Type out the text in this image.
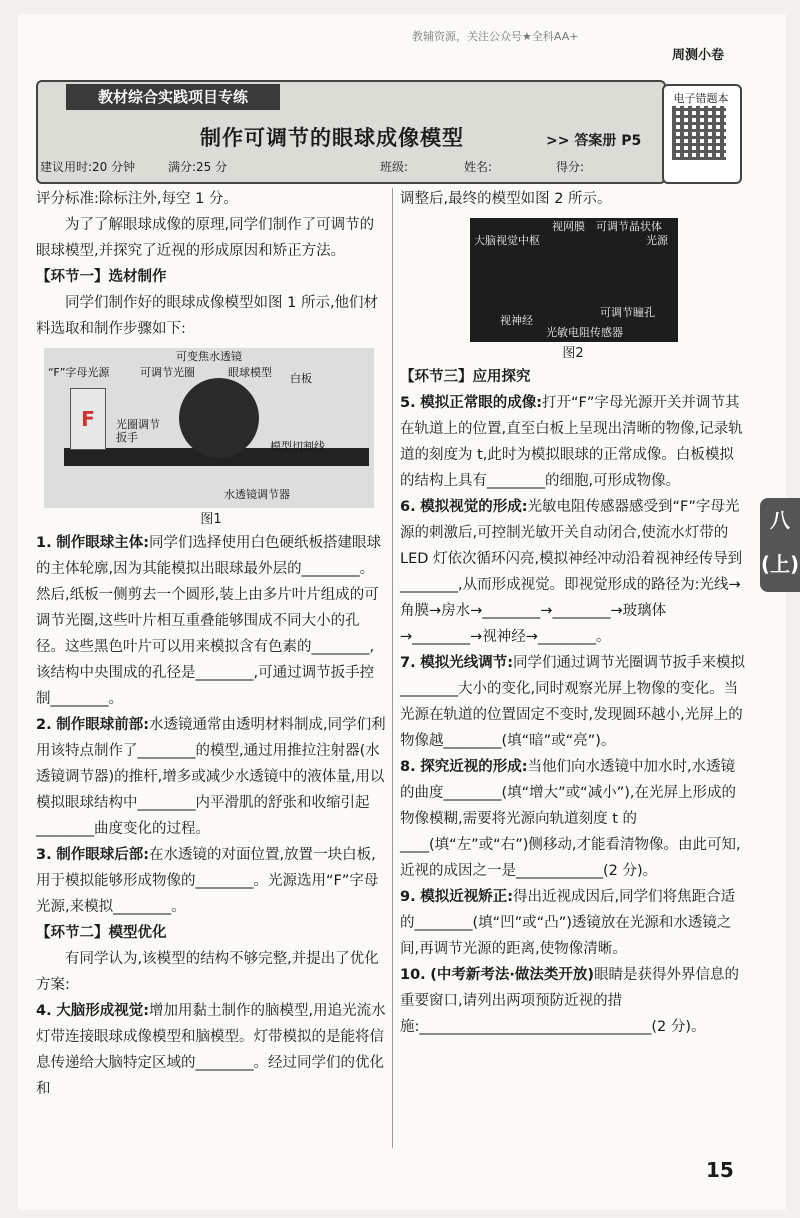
教辅资源，关注公众号★全科AA+
周测小卷
教材综合实践项目专练
制作可调节的眼球成像模型	>> 答案册 P5
建议用时:20 分钟	满分:25 分	班级:	姓名:	得分:
电子错题本

评分标准:除标注外,每空 1 分。

为了了解眼球成像的原理,同学们制作了可调节的眼球模型,并探究了近视的形成原因和矫正方法。

【环节一】选材制作

同学们制作好的眼球成像模型如图 1 所示,他们材料选取和制作步骤如下:

F
可变焦水透镜
“F”字母光源	可调节光圈	眼球模型 白板
光圈调节
扳手
模型切割线
水透镜调节器

图1

1. 制作眼球主体:同学们选择使用白色硬纸板搭建眼球的主体轮廓,因为其能模拟出眼球最外层的________。然后,纸板一侧剪去一个圆形,装上由多片叶片组成的可调节光圈,这些叶片相互重叠能够围成不同大小的孔径。这些黑色叶片可以用来模拟含有色素的________,该结构中央围成的孔径是________,可通过调节扳手控制________。

2. 制作眼球前部:水透镜通常由透明材料制成,同学们利用该特点制作了________的模型,通过用推拉注射器(水透镜调节器)的推杆,增多或减少水透镜中的液体量,用以模拟眼球结构中________内平滑肌的舒张和收缩引起________曲度变化的过程。

3. 制作眼球后部:在水透镜的对面位置,放置一块白板,用于模拟能够形成物像的________。光源选用“F”字母光源,来模拟________。

【环节二】模型优化

有同学认为,该模型的结构不够完整,并提出了优化方案:

4. 大脑形成视觉:增加用黏土制作的脑模型,用追光流水灯带连接眼球成像模型和脑模型。灯带模拟的是能将信息传递给大脑特定区域的________。经过同学们的优化和

调整后,最终的模型如图 2 所示。

大脑视觉中枢
视网膜 可调节晶状体
光源
视神经
可调节瞳孔
光敏电阻传感器

图2

【环节三】应用探究

5. 模拟正常眼的成像:打开“F”字母光源开关并调节其在轨道上的位置,直至白板上呈现出清晰的物像,记录轨道的刻度为 t,此时为模拟眼球的正常成像。白板模拟的结构上具有________的细胞,可形成物像。

6. 模拟视觉的形成:光敏电阻传感器感受到“F”字母光源的刺激后,可控制光敏开关自动闭合,使流水灯带的 LED 灯依次循环闪亮,模拟神经冲动沿着视神经传导到________,从而形成视觉。即视觉形成的路径为:光线→角膜→房水→________→________→玻璃体→________→视神经→________。

7. 模拟光线调节:同学们通过调节光圈调节扳手来模拟________大小的变化,同时观察光屏上物像的变化。当光源在轨道的位置固定不变时,发现圆环越小,光屏上的物像越________(填“暗”或“亮”)。

8. 探究近视的形成:当他们向水透镜中加水时,水透镜的曲度________(填“增大”或“减小”),在光屏上形成的物像模糊,需要将光源向轨道刻度 t 的____(填“左”或“右”)侧移动,才能看清物像。由此可知,近视的成因之一是____________(2 分)。

9. 模拟近视矫正:得出近视成因后,同学们将焦距合适的________(填“凹”或“凸”)透镜放在光源和水透镜之间,再调节光源的距离,使物像清晰。

10. (中考新考法·做法类开放)眼睛是获得外界信息的重要窗口,请列出两项预防近视的措施:________________________________(2 分)。

八(上)
15
